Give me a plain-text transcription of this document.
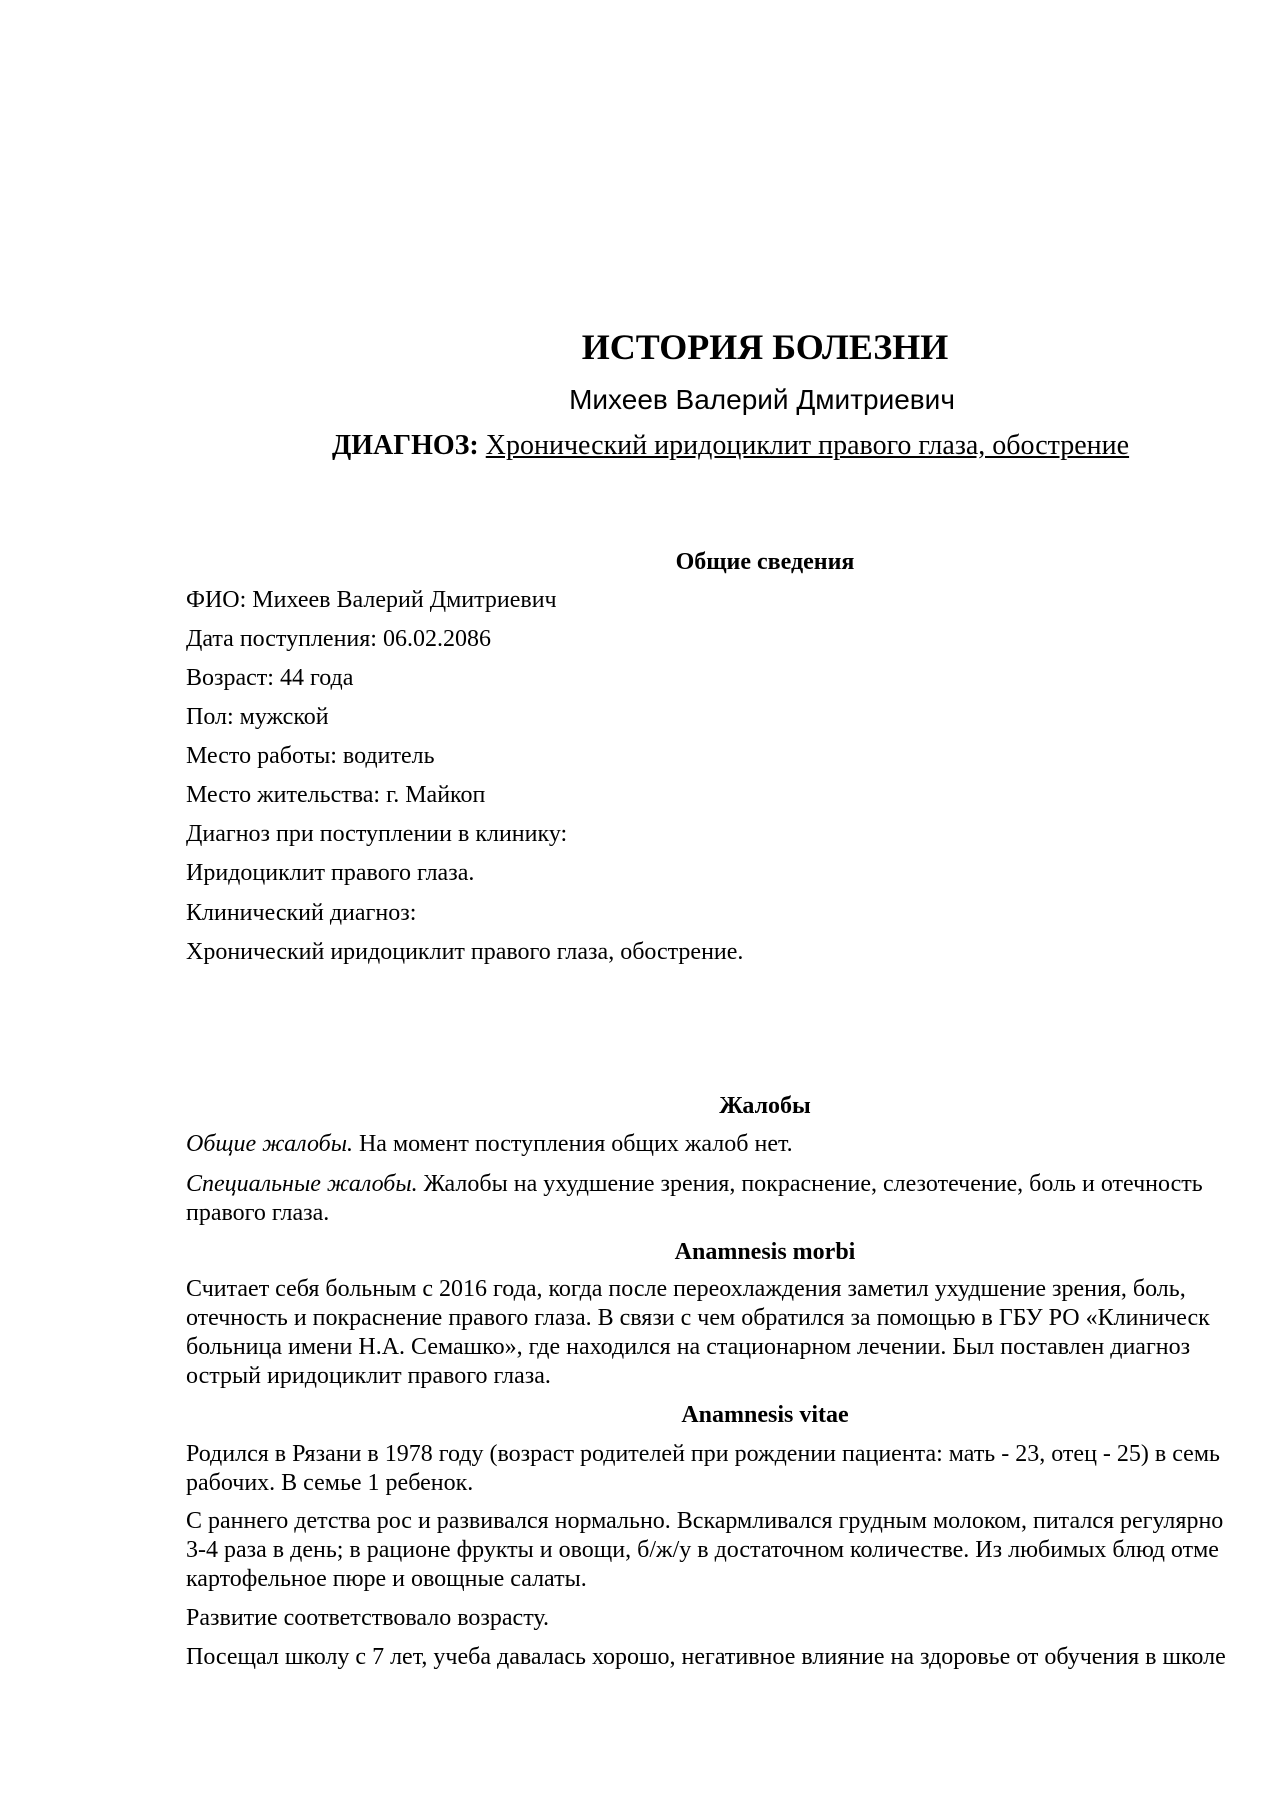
ИСТОРИЯ БОЛЕЗНИ
Михеев Валерий Дмитриевич
ДИАГНОЗ: Хронический иридоциклит правого глаза, обострение
Общие сведения
ФИО: Михеев Валерий Дмитриевич
Дата поступления: 06.02.2086
Возраст: 44 года
Пол: мужской
Место работы: водитель
Место жительства: г. Майкоп
Диагноз при поступлении в клинику:
Иридоциклит правого глаза.
Клинический диагноз:
Хронический иридоциклит правого глаза, обострение.
Жалобы
Общие жалобы. На момент поступления общих жалоб нет.
Специальные жалобы. Жалобы на ухудшение зрения, покраснение, слезотечение, боль и отечность
правого глаза.
Anamnesis morbi
Считает себя больным с 2016 года, когда после переохлаждения заметил ухудшение зрения, боль,
отечность и покраснение правого глаза. В связи с чем обратился за помощью в ГБУ РО «Клиническ
больница имени Н.А. Семашко», где находился на стационарном лечении. Был поставлен диагноз
острый иридоциклит правого глаза.
Anamnesis vitae
Родился в Рязани в 1978 году (возраст родителей при рождении пациента: мать - 23, отец - 25) в семь
рабочих. В семье 1 ребенок.
С раннего детства рос и развивался нормально. Вскармливался грудным молоком, питался регулярно
3-4 раза в день; в рационе фрукты и овощи, б/ж/у в достаточном количестве. Из любимых блюд отме
картофельное пюре и овощные салаты.
Развитие соответствовало возрасту.
Посещал школу с 7 лет, учеба давалась хорошо, негативное влияние на здоровье от обучения в школе
